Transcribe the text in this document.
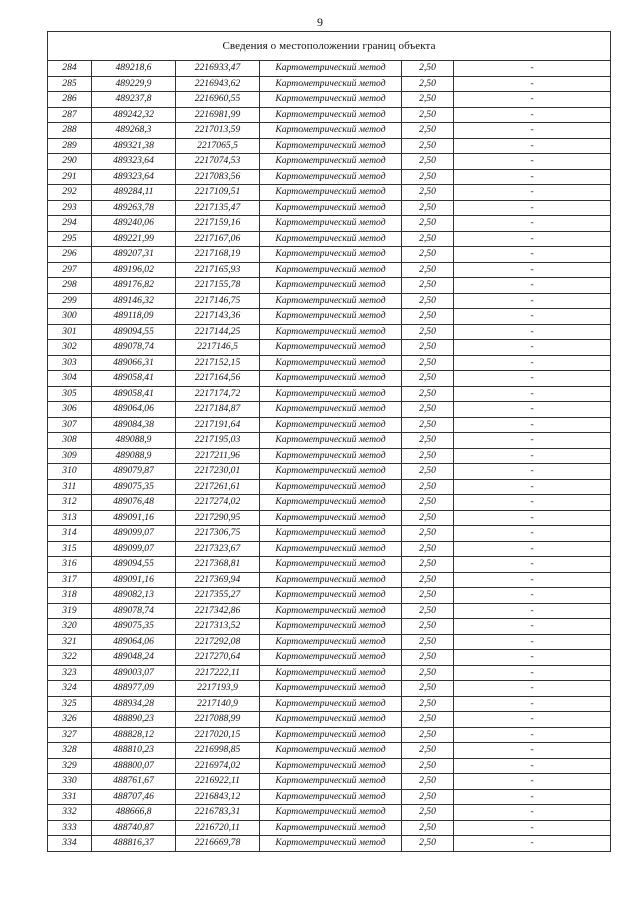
9
Сведения о местоположении границ объекта					
284	489218,6	2216933,47	Картометрический метод	2,50	-
285	489229,9	2216943,62	Картометрический метод	2,50	-
286	489237,8	2216960,55	Картометрический метод	2,50	-
287	489242,32	2216981,99	Картометрический метод	2,50	-
288	489268,3	2217013,59	Картометрический метод	2,50	-
289	489321,38	2217065,5	Картометрический метод	2,50	-
290	489323,64	2217074,53	Картометрический метод	2,50	-
291	489323,64	2217083,56	Картометрический метод	2,50	-
292	489284,11	2217109,51	Картометрический метод	2,50	-
293	489263,78	2217135,47	Картометрический метод	2,50	-
294	489240,06	2217159,16	Картометрический метод	2,50	-
295	489221,99	2217167,06	Картометрический метод	2,50	-
296	489207,31	2217168,19	Картометрический метод	2,50	-
297	489196,02	2217165,93	Картометрический метод	2,50	-
298	489176,82	2217155,78	Картометрический метод	2,50	-
299	489146,32	2217146,75	Картометрический метод	2,50	-
300	489118,09	2217143,36	Картометрический метод	2,50	-
301	489094,55	2217144,25	Картометрический метод	2,50	-
302	489078,74	2217146,5	Картометрический метод	2,50	-
303	489066,31	2217152,15	Картометрический метод	2,50	-
304	489058,41	2217164,56	Картометрический метод	2,50	-
305	489058,41	2217174,72	Картометрический метод	2,50	-
306	489064,06	2217184,87	Картометрический метод	2,50	-
307	489084,38	2217191,64	Картометрический метод	2,50	-
308	489088,9	2217195,03	Картометрический метод	2,50	-
309	489088,9	2217211,96	Картометрический метод	2,50	-
310	489079,87	2217230,01	Картометрический метод	2,50	-
311	489075,35	2217261,61	Картометрический метод	2,50	-
312	489076,48	2217274,02	Картометрический метод	2,50	-
313	489091,16	2217290,95	Картометрический метод	2,50	-
314	489099,07	2217306,75	Картометрический метод	2,50	-
315	489099,07	2217323,67	Картометрический метод	2,50	-
316	489094,55	2217368,81	Картометрический метод	2,50	-
317	489091,16	2217369,94	Картометрический метод	2,50	-
318	489082,13	2217355,27	Картометрический метод	2,50	-
319	489078,74	2217342,86	Картометрический метод	2,50	-
320	489075,35	2217313,52	Картометрический метод	2,50	-
321	489064,06	2217292,08	Картометрический метод	2,50	-
322	489048,24	2217270,64	Картометрический метод	2,50	-
323	489003,07	2217222,11	Картометрический метод	2,50	-
324	488977,09	2217193,9	Картометрический метод	2,50	-
325	488934,28	2217140,9	Картометрический метод	2,50	-
326	488890,23	2217088,99	Картометрический метод	2,50	-
327	488828,12	2217020,15	Картометрический метод	2,50	-
328	488810,23	2216998,85	Картометрический метод	2,50	-
329	488800,07	2216974,02	Картометрический метод	2,50	-
330	488761,67	2216922,11	Картометрический метод	2,50	-
331	488707,46	2216843,12	Картометрический метод	2,50	-
332	488666,8	2216783,31	Картометрический метод	2,50	-
333	488740,87	2216720,11	Картометрический метод	2,50	-
334	488816,37	2216669,78	Картометрический метод	2,50	-
